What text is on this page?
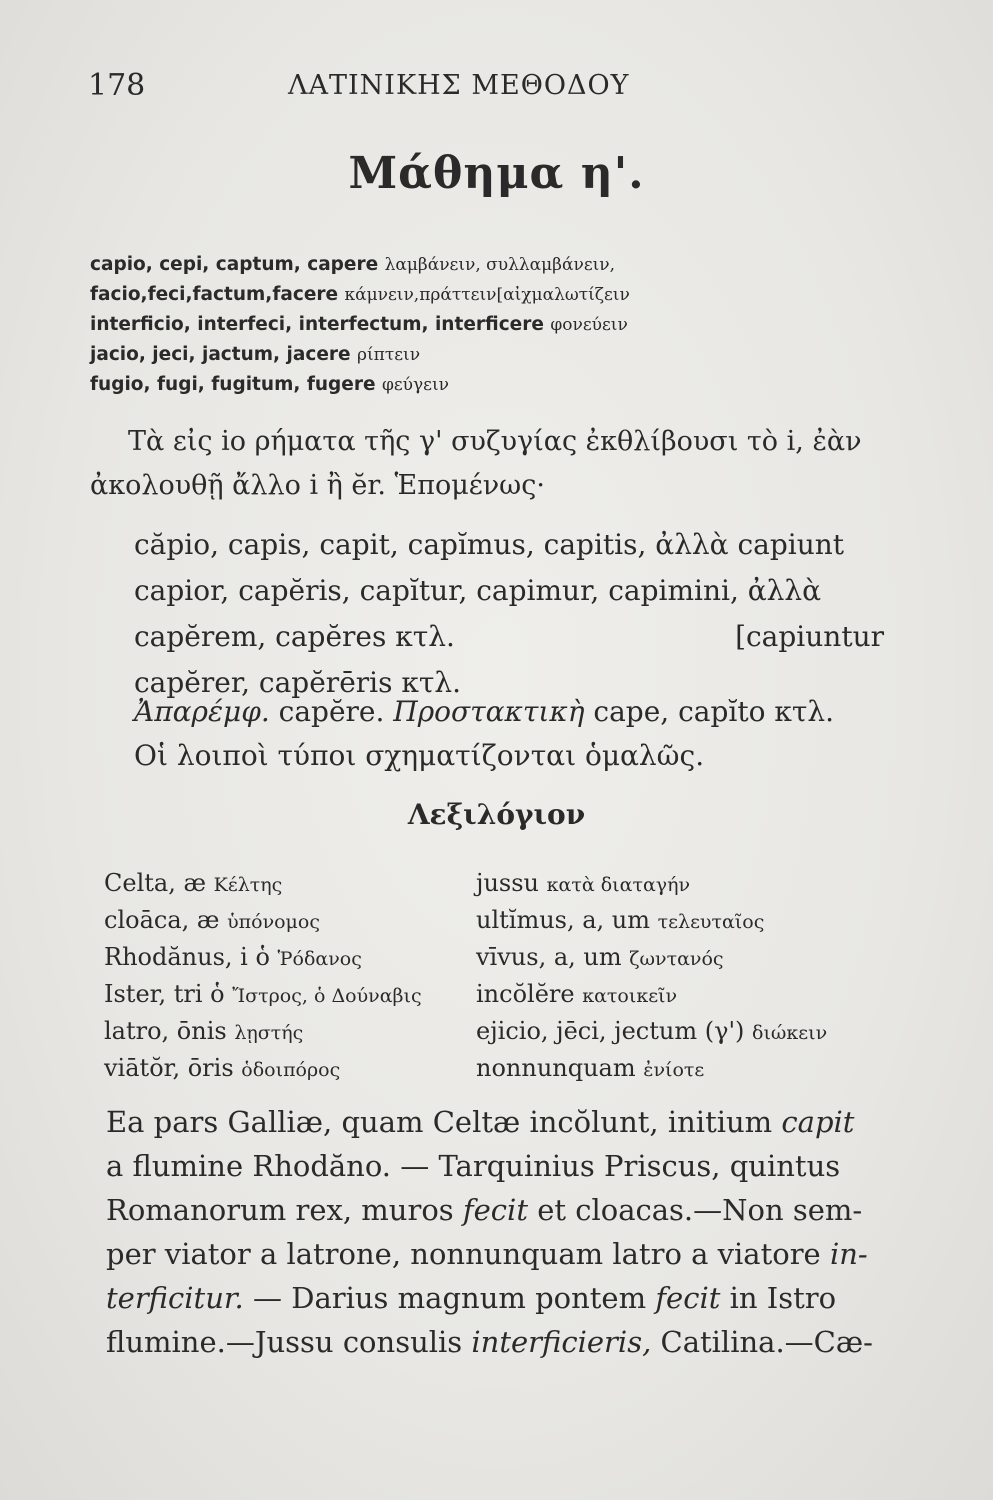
178	ΛΑΤΙΝΙΚΗΣ ΜΕΘΟΔΟΥ
Μάθημα η'.
capio, cepi, captum, capere λαμβάνειν, συλλαμβάνειν,
facio,feci,factum,facere κάμνειν,πράττειν[αἰχμαλωτίζειν
interficio, interfeci, interfectum, interficere φονεύειν
jacio, jeci, jactum, jacere ρίπτειν
fugio, fugi, fugitum, fugere φεύγειν

Τὰ εἰς io ρήματα τῆς γ' συζυγίας ἐκθλίβουσι τὸ i, ἐὰν

ἀκολουθῇ ἄλλο i ἢ ĕr. Ἑπομένως·

căpio, capis, capit, capĭmus, capitis, ἀλλὰ capiunt
capior, capĕris, capĭtur, capimur, capimini, ἀλλὰ
capĕrem, capĕres κτλ.	[capiuntur
capĕrer, capĕrēris κτλ.

Ἀπαρέμφ. capĕre. Προστακτικὴ cape, capĭto κτλ.

Οἱ λοιποὶ τύποι σχηματίζονται ὁμαλῶς.

Λεξιλόγιον
Celta, æ Κέλτης
cloāca, æ ὑπόνομος
Rhodănus, i ὁ Ῥόδανος
Ister, tri ὁ Ἴστρος, ὁ Δούναβις
latro, ōnis λῃστής
viātŏr, ōris ὁδοιπόρος
jussu κατὰ διαταγήν
ultĭmus, a, um τελευταῖος
vīvus, a, um ζωντανός
incŏlĕre κατοικεῖν
ejicio, jēci, jectum (γ') διώκειν
nonnunquam ἐνίοτε
Ea pars Galliæ, quam Celtæ incŏlunt, initium capit
a flumine Rhodăno. — Tarquinius Priscus, quintus
Romanorum rex, muros fecit et cloacas.—Non sem-
per viator a latrone, nonnunquam latro a viatore in-
terficitur. — Darius magnum pontem fecit in Istro
flumine.—Jussu consulis interficieris, Catilina.—Cæ-
